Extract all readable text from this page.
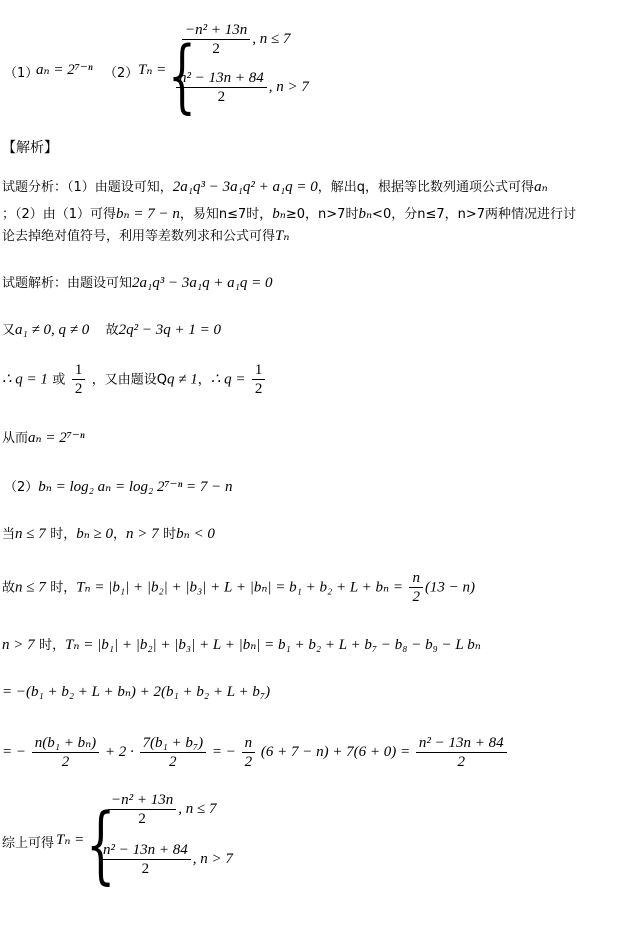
（1）
aₙ = 2⁷⁻ⁿ （2） Tₙ = {
$\frac{\text{−n² + 13n}}{2}$ , n ≤ 7
$\frac{\text{n² − 13n + 84}}{2}$ , n > 7
【解析】
试题分析：（1）由题设可知，2a₁q³ − 3a₁q² + a₁q = 0，解出q，根据等比数列通项公式可得aₙ
；（2）由（1）可得bₙ = 7 − n，易知n≤7时，bₙ≥0，n>7时bₙ<0，分n≤7，n>7两种情况进行讨
论去掉绝对值符号，利用等差数列求和公式可得Tₙ
试题解析：由题设可知2a₁q³ − 3a₁q + a₁q = 0
又a₁ ≠ 0, q ≠ 0 故2q² − 3q + 1 = 0
∴ q = 1 或 $\frac{1}{2}$ ，又由题设Qq ≠ 1，∴ $q = \frac{1}{2}$
从而aₙ = 2⁷⁻ⁿ
（2）bₙ = log₂ aₙ = log₂ 2⁷⁻ⁿ = 7 − n
当n ≤ 7 时，bₙ ≥ 0，n > 7 时bₙ < 0
故n ≤ 7 时，$T_n = |b_1| + |b_2| + |b_3| + L + |b_n| = b_1 + b_2 + L + b_n = \frac{n}{2} (13 - n)$
n > 7 时，Tₙ = |b₁| + |b₂| + |b₃| + L + |bₙ| = b₁ + b₂ + L + b₇ − b₈ − b₉ − L bₙ
= −(b₁ + b₂ + L + bₙ) + 2(b₁ + b₂ + L + b₇)
= − $\frac{\text{n(b₁ + bₙ)}}{2} + 2 \cdot \frac{\text{7(b₁ + b₇)}}{2}$ = − $\frac{n}{2} (6 + 7 - n) + 7(6 + 0) = \frac{\text{n² − 13n + 84}}{2}$
综上可得 Tₙ = {
$\frac{\text{−n² + 13n}}{2}$ , n ≤ 7
$\frac{\text{n² − 13n + 84}}{2}$ , n > 7
